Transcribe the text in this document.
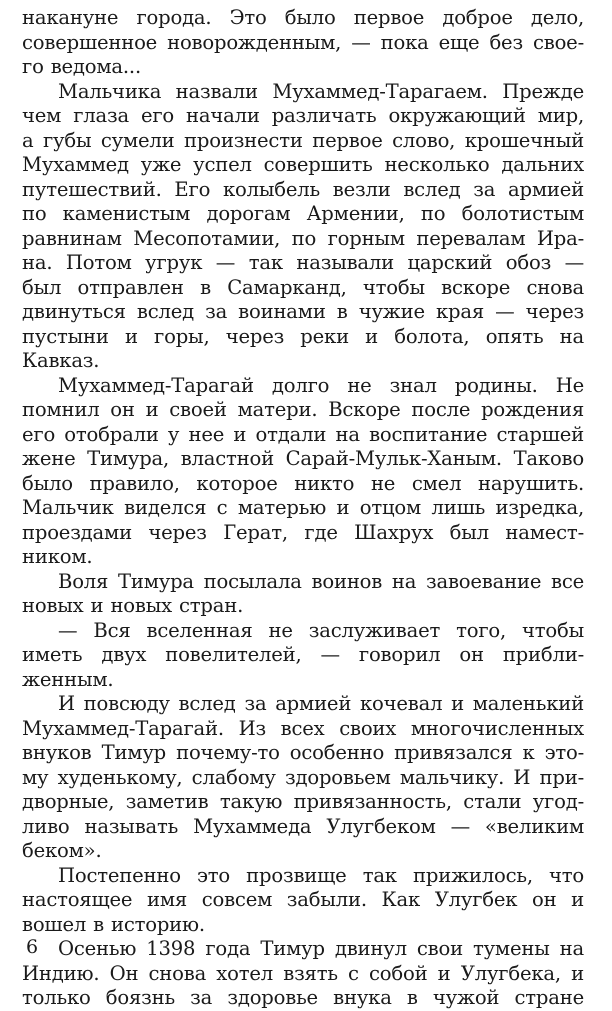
накануне города. Это было первое доброе дело,
совершенное новорожденным, — пока еще без свое-
го ведома...
Мальчика назвали Мухаммед-Тарагаем. Прежде
чем глаза его начали различать окружающий мир,
а губы сумели произнести первое слово, крошечный
Мухаммед уже успел совершить несколько дальних
путешествий. Его колыбель везли вслед за армией
по каменистым дорогам Армении, по болотистым
равнинам Месопотамии, по горным перевалам Ира-
на. Потом угрук — так называли царский обоз —
был отправлен в Самарканд, чтобы вскоре снова
двинуться вслед за воинами в чужие края — через
пустыни и горы, через реки и болота, опять на
Кавказ.
Мухаммед-Тарагай долго не знал родины. Не
помнил он и своей матери. Вскоре после рождения
его отобрали у нее и отдали на воспитание старшей
жене Тимура, властной Сарай-Мульк-Ханым. Таково
было правило, которое никто не смел нарушить.
Мальчик виделся с матерью и отцом лишь изредка,
проездами через Герат, где Шахрух был намест-
ником.
Воля Тимура посылала воинов на завоевание все
новых и новых стран.
— Вся вселенная не заслуживает того, чтобы
иметь двух повелителей, — говорил он прибли-
женным.
И повсюду вслед за армией кочевал и маленький
Мухаммед-Тарагай. Из всех своих многочисленных
внуков Тимур почему-то особенно привязался к это-
му худенькому, слабому здоровьем мальчику. И при-
дворные, заметив такую привязанность, стали угод-
ливо называть Мухаммеда Улугбеком — «великим
беком».
Постепенно это прозвище так прижилось, что
настоящее имя совсем забыли. Как Улугбек он и
вошел в историю.
Осенью 1398 года Тимур двинул свои тумены на
Индию. Он снова хотел взять с собой и Улугбека, и
только боязнь за здоровье внука в чужой стране
6
